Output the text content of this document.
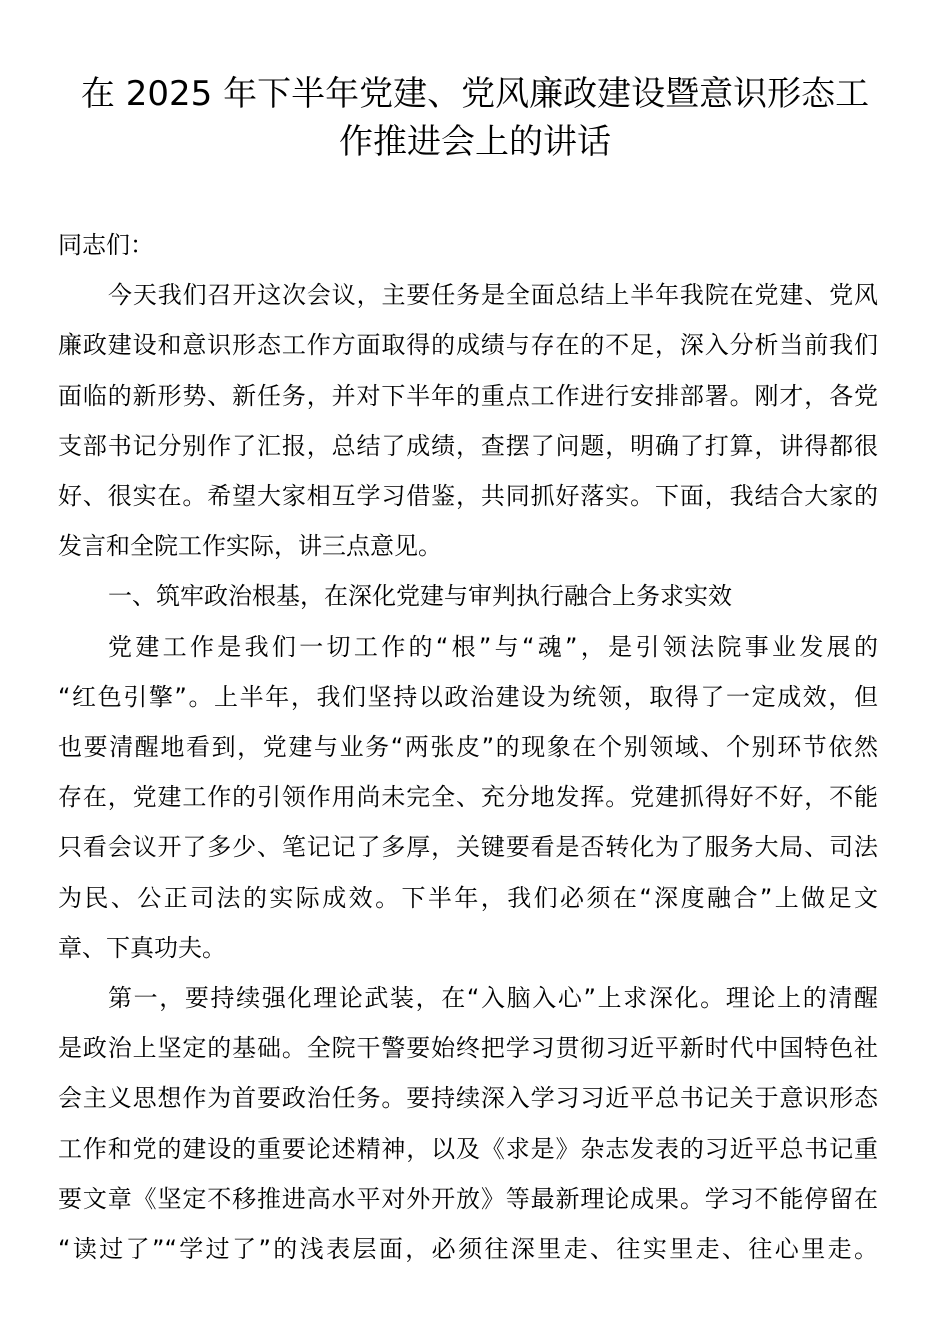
在 2025 年下半年党建、党风廉政建设暨意识形态工
作推进会上的讲话

同志们：

今天我们召开这次会议，主要任务是全面总结上半年我院在党建、党风
廉政建设和意识形态工作方面取得的成绩与存在的不足，深入分析当前我们
面临的新形势、新任务，并对下半年的重点工作进行安排部署。刚才，各党
支部书记分别作了汇报，总结了成绩，查摆了问题，明确了打算，讲得都很
好、很实在。希望大家相互学习借鉴，共同抓好落实。下面，我结合大家的
发言和全院工作实际，讲三点意见。

一、筑牢政治根基，在深化党建与审判执行融合上务求实效

党建工作是我们一切工作的“根”与“魂”，是引领法院事业发展的
“红色引擎”。上半年，我们坚持以政治建设为统领，取得了一定成效，但
也要清醒地看到，党建与业务“两张皮”的现象在个别领域、个别环节依然
存在，党建工作的引领作用尚未完全、充分地发挥。党建抓得好不好，不能
只看会议开了多少、笔记记了多厚，关键要看是否转化为了服务大局、司法
为民、公正司法的实际成效。下半年，我们必须在“深度融合”上做足文
章、下真功夫。

第一，要持续强化理论武装，在“入脑入心”上求深化。理论上的清醒
是政治上坚定的基础。全院干警要始终把学习贯彻习近平新时代中国特色社
会主义思想作为首要政治任务。要持续深入学习习近平总书记关于意识形态
工作和党的建设的重要论述精神，以及《求是》杂志发表的习近平总书记重
要文章《坚定不移推进高水平对外开放》等最新理论成果。学习不能停留在
“读过了”“学过了”的浅表层面，必须往深里走、往实里走、往心里走。
